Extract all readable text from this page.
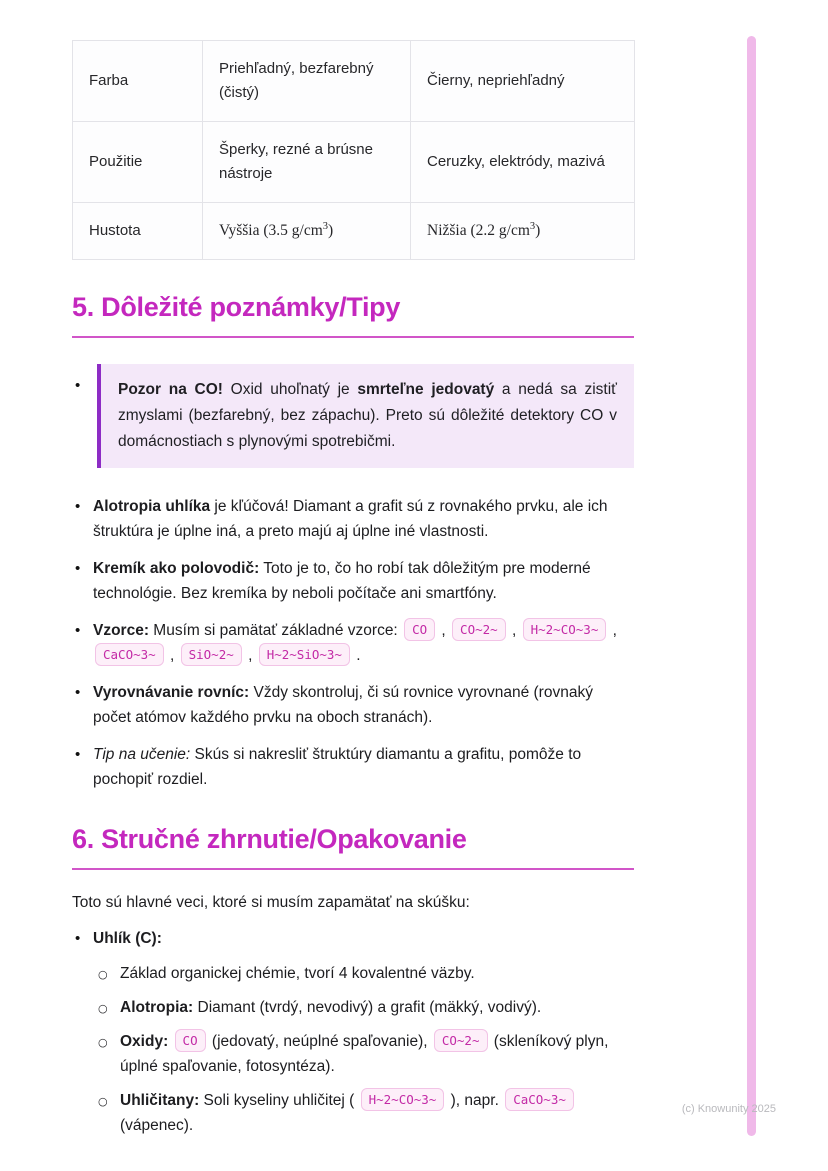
Farba	Priehľadný, bezfarebný (čistý)	Čierny, nepriehľadný
Použitie	Šperky, rezné a brúsne nástroje	Ceruzky, elektródy, mazivá
Hustota	Vyššia (3.5 $g/cm^3$)	Nižšia (2.2 $g/cm^3$)
5. Dôležité poznámky/Tipy
• Pozor na CO! Oxid uhoľnatý je smrteľne jedovatý a nedá sa zistiť zmyslami (bezfarebný, bez zápachu). Preto sú dôležité detektory CO v domácnostiach s plynovými spotrebičmi.
• Alotropia uhlíka je kľúčová! Diamant a grafit sú z rovnakého prvku, ale ich štruktúra je úplne iná, a preto majú aj úplne iné vlastnosti.
• Kremík ako polovodič: Toto je to, čo ho robí tak dôležitým pre moderné technológie. Bez kremíka by neboli počítače ani smartfóny.
• Vzorce: Musím si pamätať základné vzorce: CO , CO~2~ , H~2~CO~3~ , CaCO~3~ , SiO~2~ , H~2~SiO~3~ .
• Vyrovnávanie rovníc: Vždy skontroluj, či sú rovnice vyrovnané (rovnaký počet atómov každého prvku na oboch stranách).
• Tip na učenie: Skús si nakresliť štruktúry diamantu a grafitu, pomôže to pochopiť rozdiel.
6. Stručné zhrnutie/Opakovanie

Toto sú hlavné veci, ktoré si musím zapamätať na skúšku:

• Uhlík (C):
○ Základ organickej chémie, tvorí 4 kovalentné väzby.
○ Alotropia: Diamant (tvrdý, nevodivý) a grafit (mäkký, vodivý).
○ Oxidy: CO (jedovatý, neúplné spaľovanie), CO~2~ (skleníkový plyn, úplné spaľovanie, fotosyntéza).
○ Uhličitany: Soli kyseliny uhličitej ( H~2~CO~3~ ), napr. CaCO~3~ (vápenec).
(c) Knowunity 2025
